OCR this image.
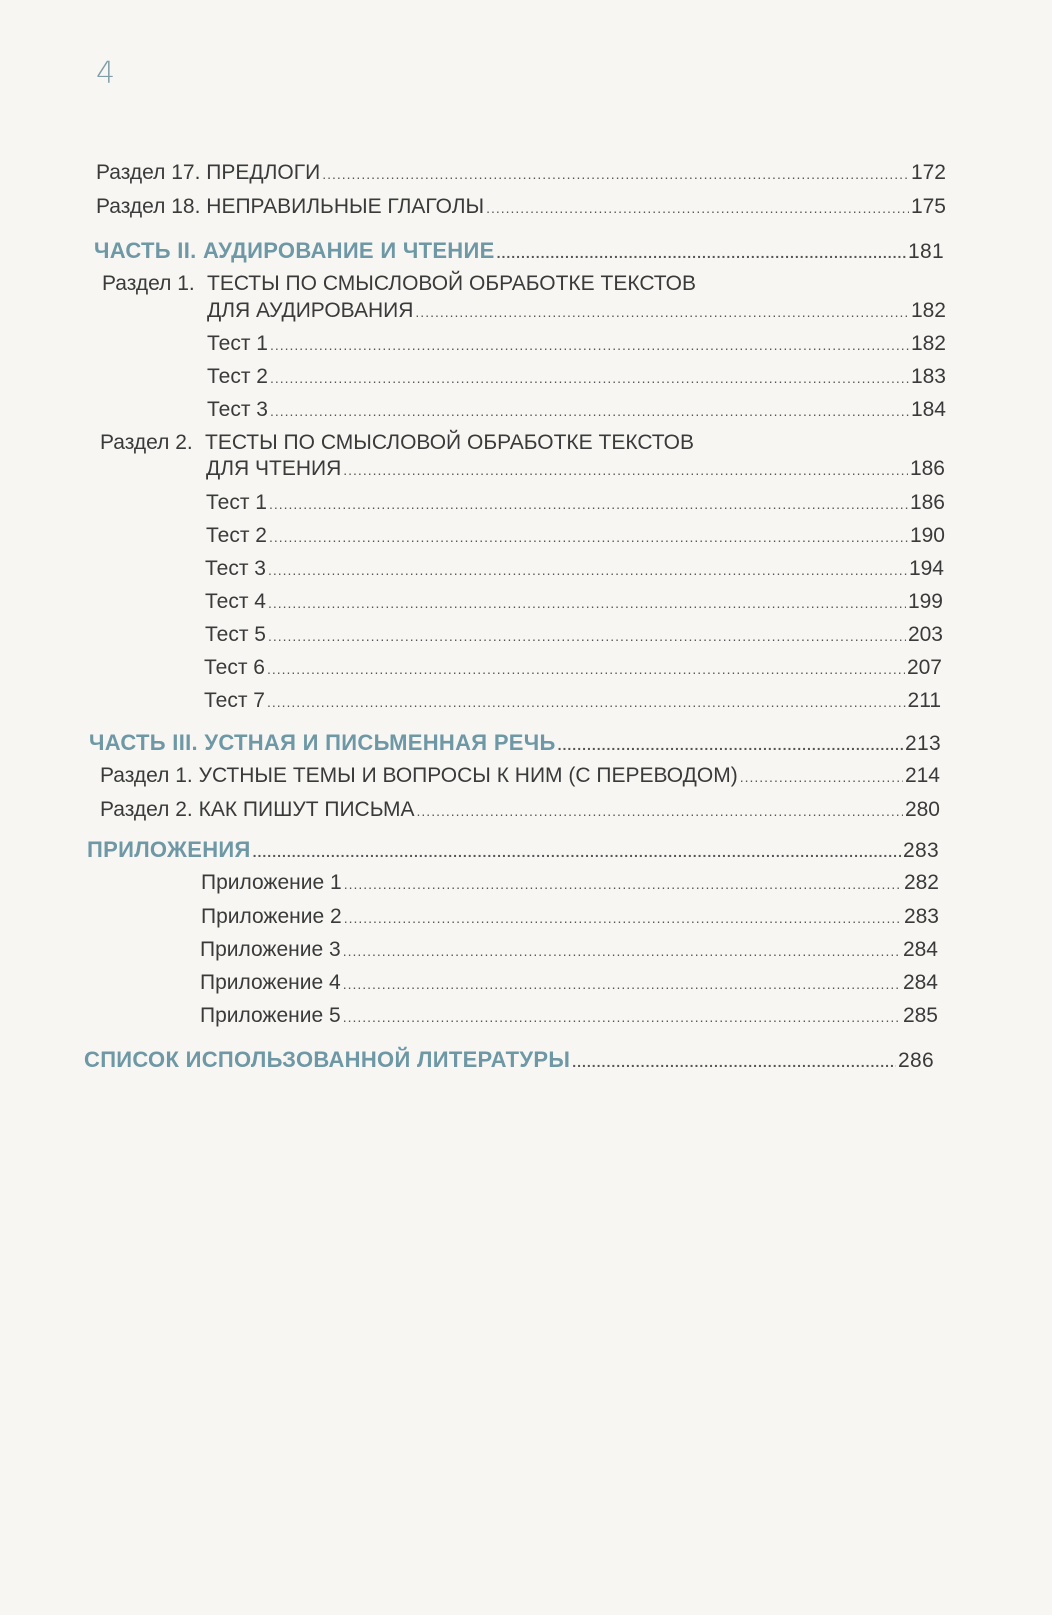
4
Раздел 17. ПРЕДЛОГИ .....	172
Раздел 18. НЕПРАВИЛЬНЫЕ ГЛАГОЛЫ .....	175
ЧАСТЬ II. АУДИРОВАНИЕ И ЧТЕНИЕ .....	181
Раздел 1. ТЕСТЫ ПО СМЫСЛОВОЙ ОБРАБОТКЕ ТЕКСТОВ
ДЛЯ АУДИРОВАНИЯ .....	182
Тест 1 .....	182
Тест 2 .....	183
Тест 3 .....	184
Раздел 2. ТЕСТЫ ПО СМЫСЛОВОЙ ОБРАБОТКЕ ТЕКСТОВ
ДЛЯ ЧТЕНИЯ .....	186
Тест 1 .....	186
Тест 2 .....	190
Тест 3 .....	194
Тест 4 .....	199
Тест 5 .....	203
Тест 6 .....	207
Тест 7 .....	211
ЧАСТЬ III. УСТНАЯ И ПИСЬМЕННАЯ РЕЧЬ .....	213
Раздел 1. УСТНЫЕ ТЕМЫ И ВОПРОСЫ К НИМ (С ПЕРЕВОДОМ) .....	214
Раздел 2. КАК ПИШУТ ПИСЬМА .....	280
ПРИЛОЖЕНИЯ .....	283
Приложение 1 .....	282
Приложение 2 .....	283
Приложение 3 .....	284
Приложение 4 .....	284
Приложение 5 .....	285
СПИСОК ИСПОЛЬЗОВАННОЙ ЛИТЕРАТУРЫ .....	286
